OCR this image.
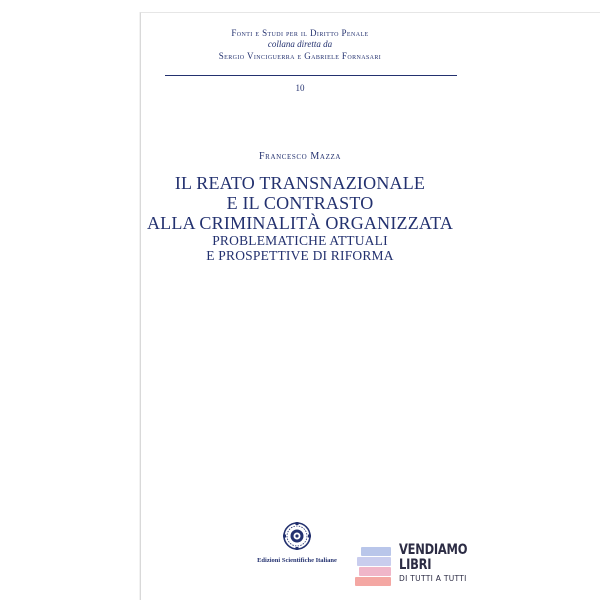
Fonti e Studi per il Diritto Penale
collana diretta da
Sergio Vinciguerra e Gabriele Fornasari
10
Francesco Mazza
IL REATO TRANSNAZIONALE
E IL CONTRASTO
ALLA CRIMINALITÀ ORGANIZZATA
PROBLEMATICHE ATTUALI
E PROSPETTIVE DI RIFORMA
Edizioni Scientifiche Italiane
VENDIAMO
LIBRI
DI TUTTI A TUTTI
